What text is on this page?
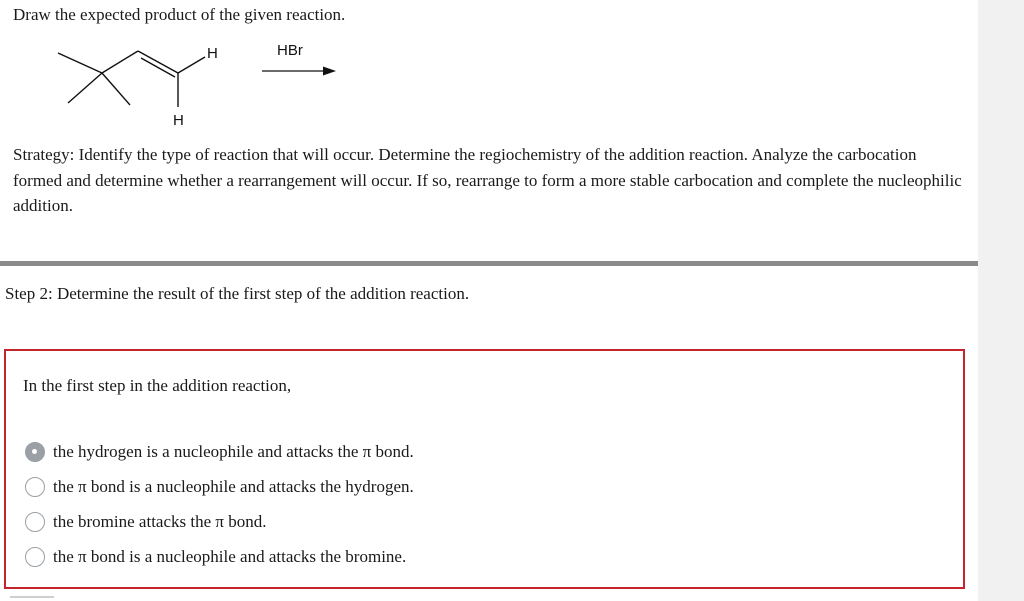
Draw the expected product of the given reaction.
H
H
HBr
Strategy: Identify the type of reaction that will occur. Determine the regiochemistry of the addition reaction. Analyze the carbocation formed and determine whether a rearrangement will occur. If so, rearrange to form a more stable carbocation and complete the nucleophilic addition.
Step 2: Determine the result of the first step of the addition reaction.
In the first step in the addition reaction,
the hydrogen is a nucleophile and attacks the π bond.
the π bond is a nucleophile and attacks the hydrogen.
the bromine attacks the π bond.
the π bond is a nucleophile and attacks the bromine.
